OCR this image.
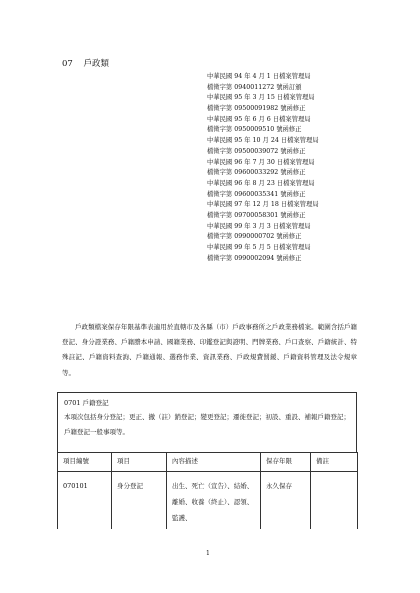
07 戶政類
中華民國 94 年 4 月 1 日檔案管理局
檔徵字第 0940011272 號函訂頒
中華民國 95 年 3 月 15 日檔案管理局
檔徵字第 09500091982 號函修正
中華民國 95 年 6 月 6 日檔案管理局
檔徵字第 0950009510 號函修正
中華民國 95 年 10 月 24 日檔案管理局
檔徵字第 09500039072 號函修正
中華民國 96 年 7 月 30 日檔案管理局
檔徵字第 09600033292 號函修正
中華民國 96 年 8 月 23 日檔案管理局
檔徵字第 09600035341 號函修正
中華民國 97 年 12 月 18 日檔案管理局
檔徵字第 09700058301 號函修正
中華民國 99 年 3 月 3 日檔案管理局
檔徵字第 0990000702 號函修正
中華民國 99 年 5 月 5 日檔案管理局
檔徵字第 0990002094 號函修正
戶政類檔案保存年限基準表適用於直轄市及各縣（市）戶政事務所之戶政業務檔案。範圍含括戶籍登記、身分證業務、戶籍謄本申請、國籍業務、印鑑登記與證明、門牌業務、戶口查察、戶籍統計、特殊註記、戶籍資料查詢、戶籍通報、選務作業、資訊業務、戶政規費罰鍰、戶籍資料管理及法令規章等。
0701 戶籍登記
本項次包括身分登記；更正、撤（註）銷登記；變更登記；遷徙登記；初設、重設、補報戶籍登記；戶籍登記一般事項等。
項目編號	項目	內容描述	保存年限	備註
070101	身分登記	出生、死亡（宣告）、結婚、離婚、收養（終止）、認領、監護、	永久保存	
1
